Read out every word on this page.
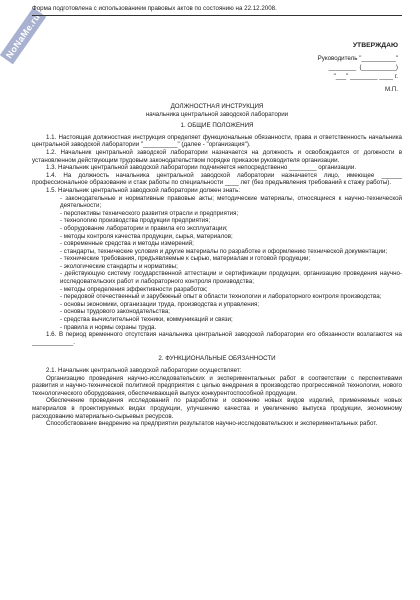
NoNaMe.ru
Форма подготовлена с использованием правовых актов по состоянию на 22.12.2008.
УТВЕРЖДАЮ
Руководитель "__________"
________  (__________)
"___" ________ ____ г.
М.П.

ДОЛЖНОСТНАЯ ИНСТРУКЦИЯ

начальника центральной заводской лаборатории

1. ОБЩИЕ ПОЛОЖЕНИЯ

1.1. Настоящая должностная инструкция определяет функциональные обязанности, права и ответственность начальника центральной заводской лаборатории "__________" (далее - "организация").

1.2. Начальник центральной заводской лаборатории назначается на должность и освобождается от должности в установленном действующим трудовым законодательством порядке приказом руководителя организации.

1.3. Начальник центральной заводской лаборатории подчиняется непосредственно ________ организации.

1.4. На должность начальника центральной заводской лаборатории назначается лицо, имеющее ______ профессиональное образование и стаж работы по специальности ____ лет (без предъявления требований к стажу работы).

1.5. Начальник центральной заводской лаборатории должен знать:

- законодательные и нормативные правовые акты; методические материалы, относящиеся к научно-технической деятельности;

- перспективы технического развития отрасли и предприятия;

- технологию производства продукции предприятия;

- оборудование лаборатории и правила его эксплуатации;

- методы контроля качества продукции, сырья, материалов;

- современные средства и методы измерений;

- стандарты, технические условия и другие материалы по разработке и оформлению технической документации;

- технические требования, предъявляемые к сырью, материалам и готовой продукции;

- экологические стандарты и нормативы;

- действующую систему государственной аттестации и сертификации продукции, организацию проведения научно-исследовательских работ и лабораторного контроля производства;

- методы определения эффективности разработок;

- передовой отечественный и зарубежный опыт в области технологии и лабораторного контроля производства;

- основы экономики, организации труда, производства и управления;

- основы трудового законодательства;

- средства вычислительной техники, коммуникаций и связи;

- правила и нормы охраны труда.

1.6. В период временного отсутствия начальника центральной заводской лаборатории его обязанности возлагаются на ____________.

2. ФУНКЦИОНАЛЬНЫЕ ОБЯЗАННОСТИ

2.1. Начальник центральной заводской лаборатории осуществляет:

Организацию проведения научно-исследовательских и экспериментальных работ в соответствии с перспективами развития и научно-технической политикой предприятия с целью внедрения в производство прогрессивной технологии, нового технологического оборудования, обеспечивающей выпуск конкурентоспособной продукции.

Обеспечение проведения исследований по разработке и освоению новых видов изделий, применяемых новых материалов в проектируемых видах продукции, улучшению качества и увеличению выпуска продукции, экономному расходованию материально-сырьевых ресурсов.

Способствование внедрению на предприятии результатов научно-исследовательских и экспериментальных работ.
